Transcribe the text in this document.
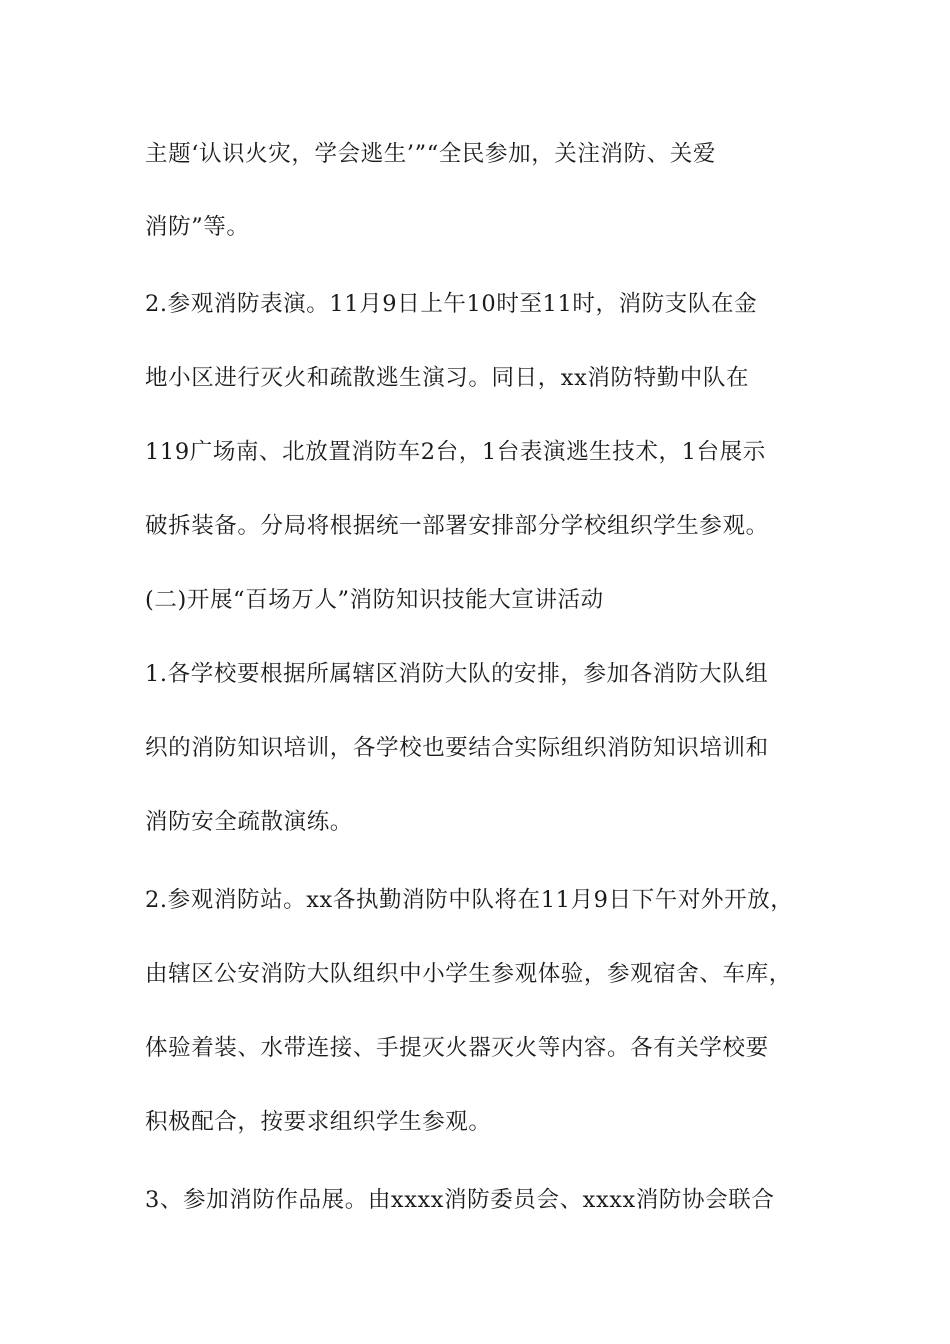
主题‘认识火灾，学会逃生’”“全民参加，关注消防、关爱
消防”等。
2.参观消防表演。11月9日上午10时至11时，消防支队在金
地小区进行灭火和疏散逃生演习。同日，xx消防特勤中队在
119广场南、北放置消防车2台，1台表演逃生技术，1台展示
破拆装备。分局将根据统一部署安排部分学校组织学生参观。
(二)开展“百场万人”消防知识技能大宣讲活动
1.各学校要根据所属辖区消防大队的安排，参加各消防大队组
织的消防知识培训，各学校也要结合实际组织消防知识培训和
消防安全疏散演练。
2.参观消防站。xx各执勤消防中队将在11月9日下午对外开放，
由辖区公安消防大队组织中小学生参观体验，参观宿舍、车库，
体验着装、水带连接、手提灭火器灭火等内容。各有关学校要
积极配合，按要求组织学生参观。
3、参加消防作品展。由xxxx消防委员会、xxxx消防协会联合
